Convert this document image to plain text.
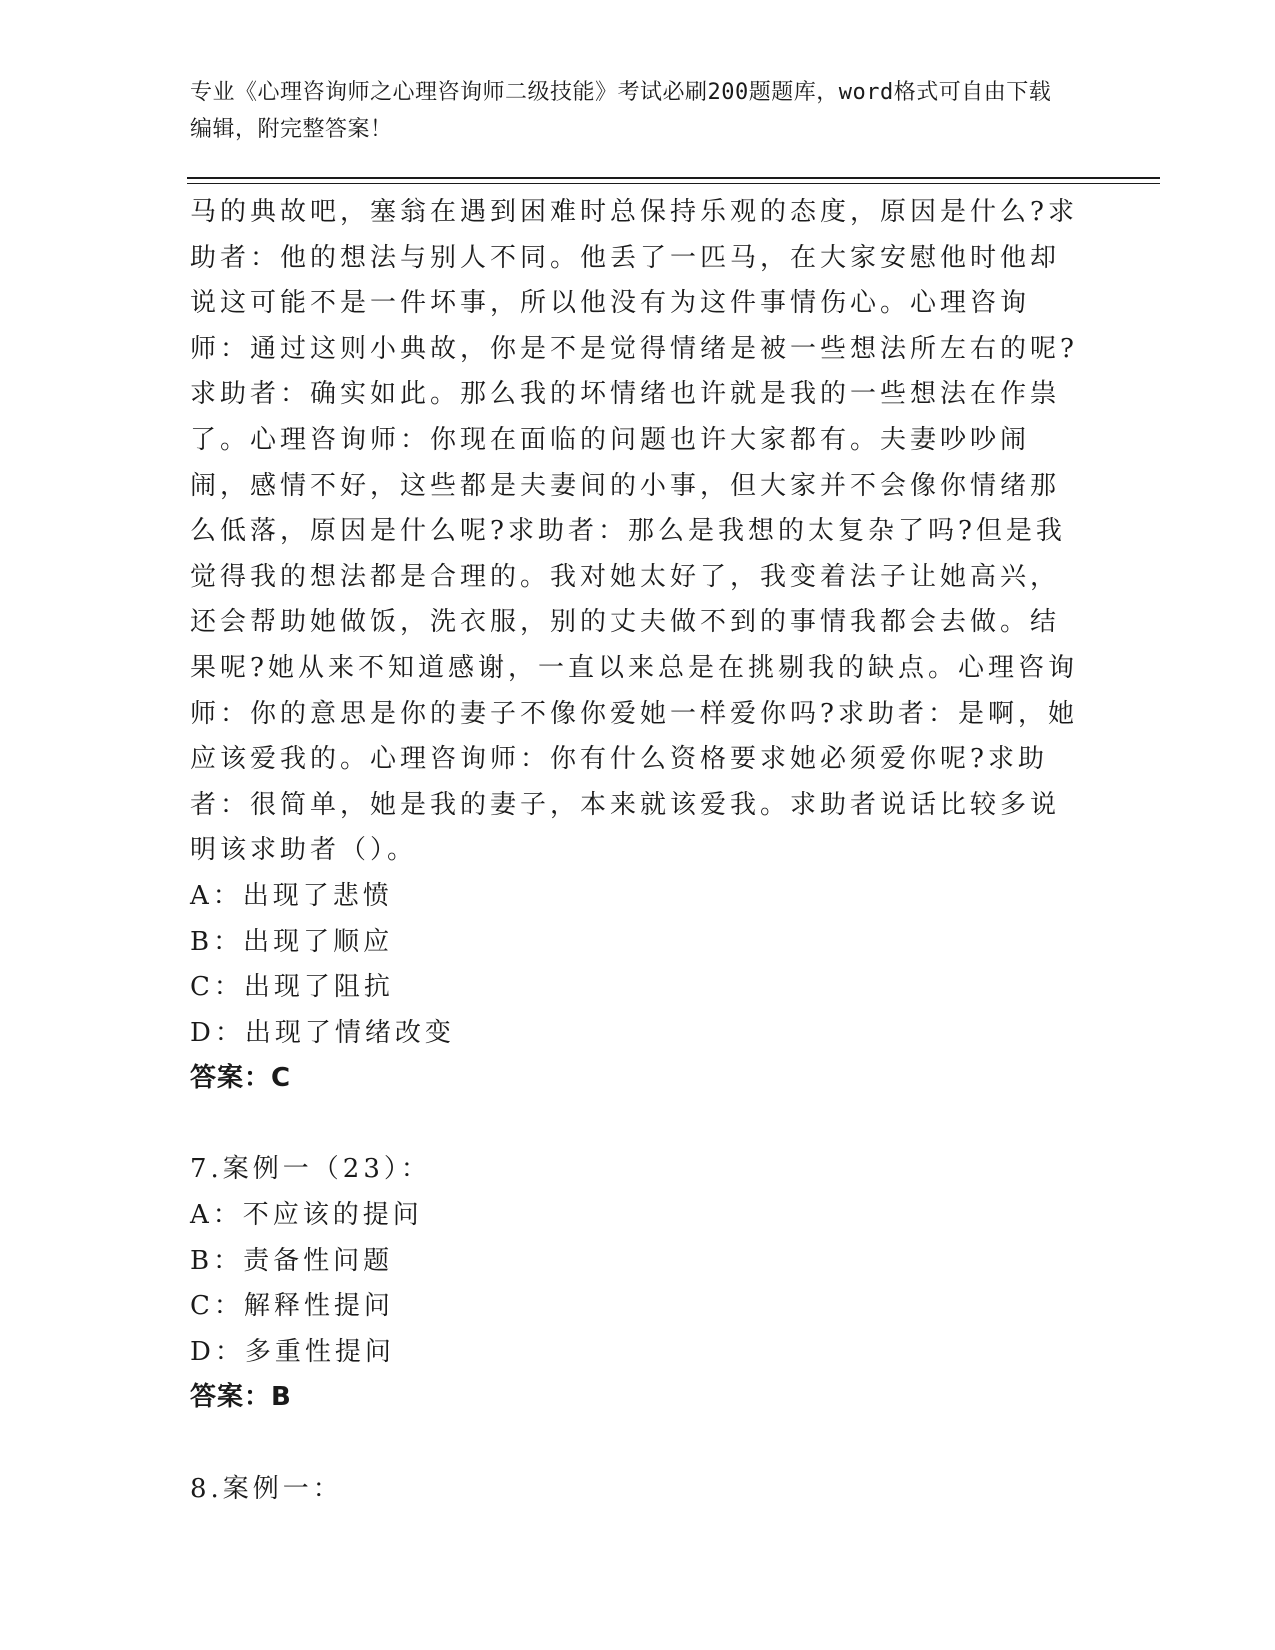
专业《心理咨询师之心理咨询师二级技能》考试必刷200题题库，word格式可自由下载编辑，附完整答案！

马的典故吧，塞翁在遇到困难时总保持乐观的态度，原因是什么?求助者：他的想法与别人不同。他丢了一匹马，在大家安慰他时他却说这可能不是一件坏事，所以他没有为这件事情伤心。心理咨询师：通过这则小典故，你是不是觉得情绪是被一些想法所左右的呢?求助者：确实如此。那么我的坏情绪也许就是我的一些想法在作祟了。心理咨询师：你现在面临的问题也许大家都有。夫妻吵吵闹闹，感情不好，这些都是夫妻间的小事，但大家并不会像你情绪那么低落，原因是什么呢?求助者：那么是我想的太复杂了吗?但是我觉得我的想法都是合理的。我对她太好了，我变着法子让她高兴，还会帮助她做饭，洗衣服，别的丈夫做不到的事情我都会去做。结果呢?她从来不知道感谢，一直以来总是在挑剔我的缺点。心理咨询师：你的意思是你的妻子不像你爱她一样爱你吗?求助者：是啊，她应该爱我的。心理咨询师：你有什么资格要求她必须爱你呢?求助者：很简单，她是我的妻子，本来就该爱我。求助者说话比较多说明该求助者（）。

A：出现了悲愤

B：出现了顺应

C：出现了阻抗

D：出现了情绪改变

答案：C

7.案例一（23）：

A：不应该的提问

B：责备性问题

C：解释性提问

D：多重性提问

答案：B

8.案例一：
